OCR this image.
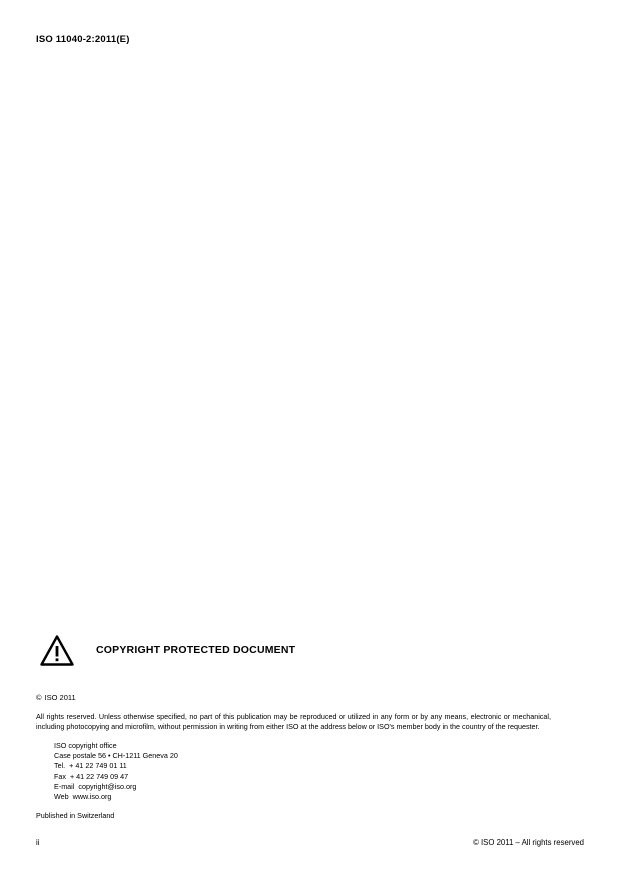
ISO 11040-2:2011(E)
COPYRIGHT PROTECTED DOCUMENT
© ISO 2011
All rights reserved. Unless otherwise specified, no part of this publication may be reproduced or utilized in any form or by any means, electronic or mechanical, including photocopying and microfilm, without permission in writing from either ISO at the address below or ISO's member body in the country of the requester.
ISO copyright office
Case postale 56 • CH-1211 Geneva 20
Tel.  + 41 22 749 01 11
Fax  + 41 22 749 09 47
E-mail  copyright@iso.org
Web  www.iso.org
Published in Switzerland
ii	© ISO 2011 – All rights reserved
